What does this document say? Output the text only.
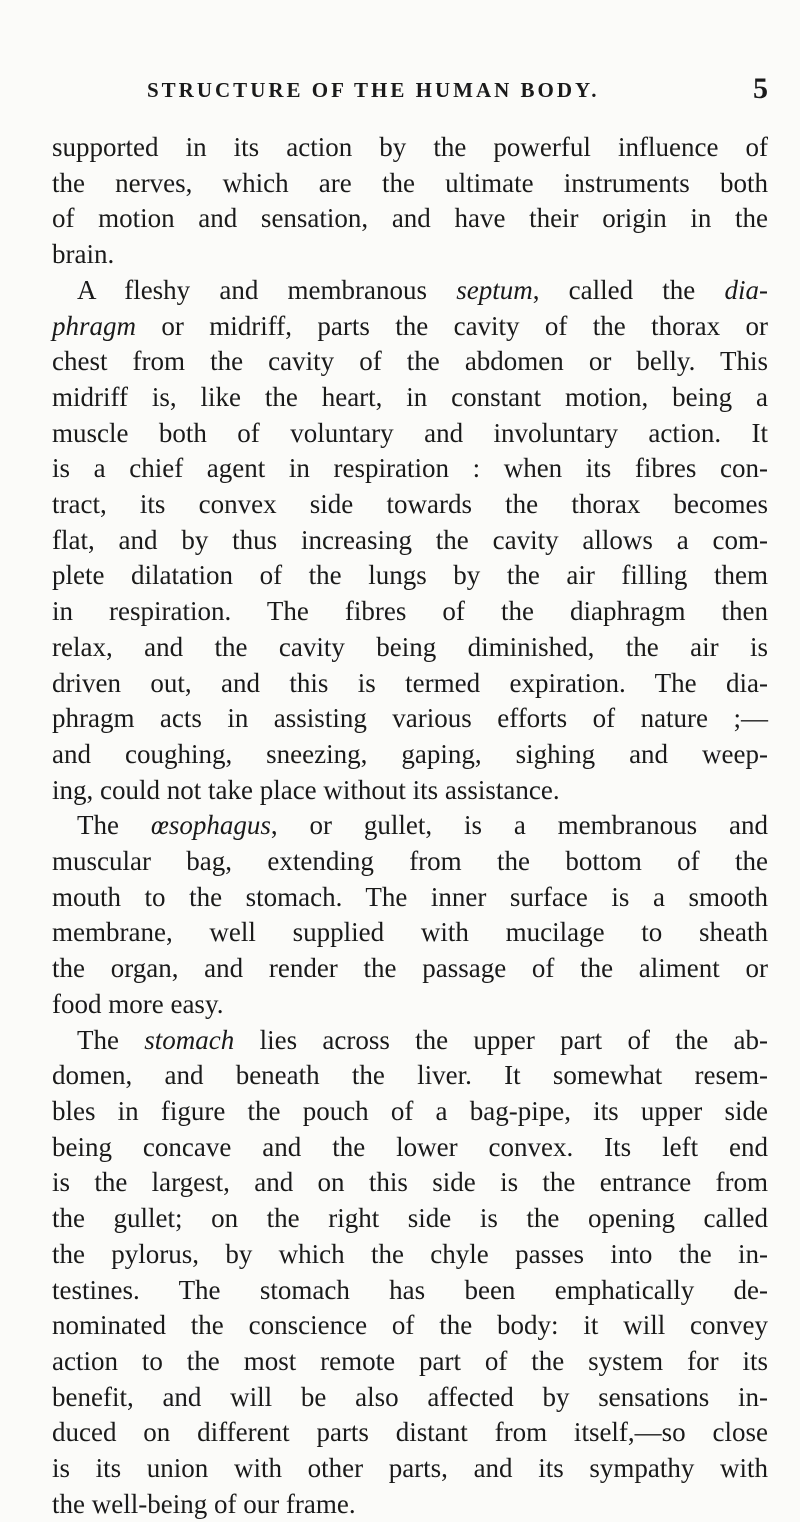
STRUCTURE OF THE HUMAN BODY.	5

supported in its action by the powerful influence of
the nerves, which are the ultimate instruments both
of motion and sensation, and have their origin in the
brain.

A fleshy and membranous septum, called the dia-
phragm or midriff, parts the cavity of the thorax or
chest from the cavity of the abdomen or belly. This
midriff is, like the heart, in constant motion, being a
muscle both of voluntary and involuntary action. It
is a chief agent in respiration : when its fibres con-
tract, its convex side towards the thorax becomes
flat, and by thus increasing the cavity allows a com-
plete dilatation of the lungs by the air filling them
in respiration. The fibres of the diaphragm then
relax, and the cavity being diminished, the air is
driven out, and this is termed expiration. The dia-
phragm acts in assisting various efforts of nature ;—
and coughing, sneezing, gaping, sighing and weep-
ing, could not take place without its assistance.

The œsophagus, or gullet, is a membranous and
muscular bag, extending from the bottom of the
mouth to the stomach. The inner surface is a smooth
membrane, well supplied with mucilage to sheath
the organ, and render the passage of the aliment or
food more easy.

The stomach lies across the upper part of the ab-
domen, and beneath the liver. It somewhat resem-
bles in figure the pouch of a bag-pipe, its upper side
being concave and the lower convex. Its left end
is the largest, and on this side is the entrance from
the gullet; on the right side is the opening called
the pylorus, by which the chyle passes into the in-
testines. The stomach has been emphatically de-
nominated the conscience of the body: it will convey
action to the most remote part of the system for its
benefit, and will be also affected by sensations in-
duced on different parts distant from itself,—so close
is its union with other parts, and its sympathy with
the well-being of our frame.
